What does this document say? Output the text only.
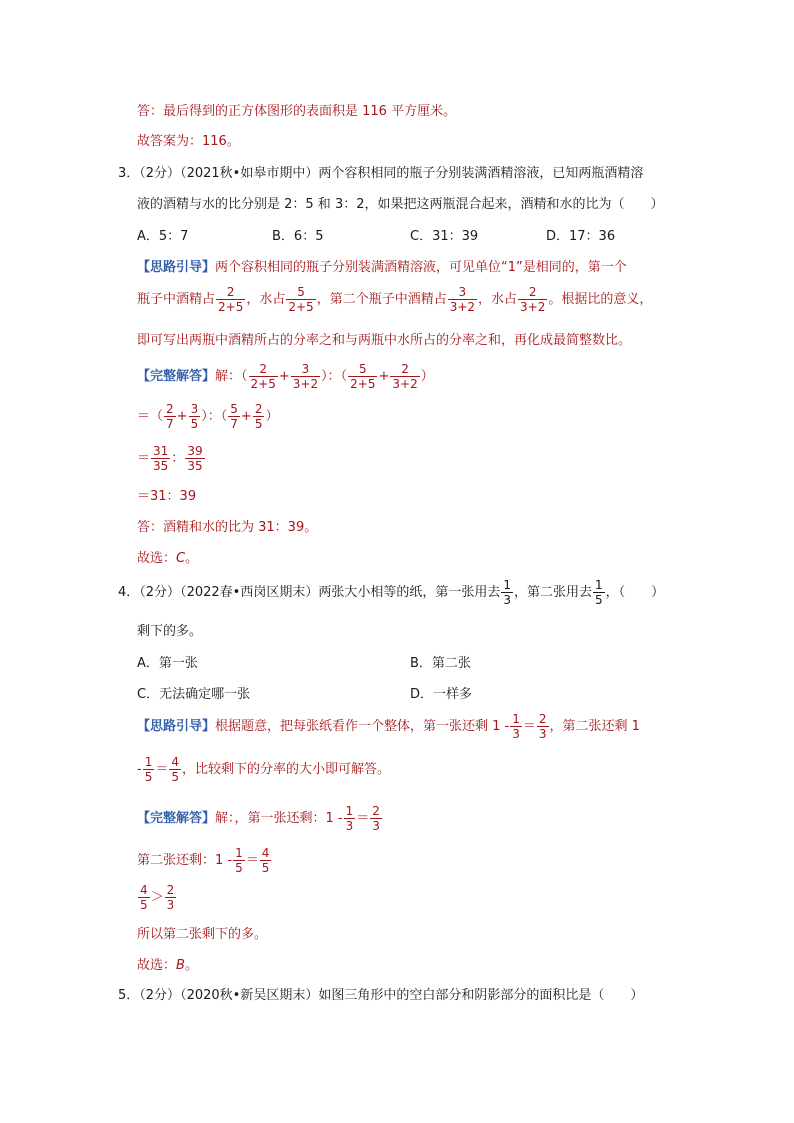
答：最后得到的正方体图形的表面积是 116 平方厘米。
故答案为：116。
3．（2分）（2021秋•如皋市期中）两个容积相同的瓶子分别装满酒精溶液，已知两瓶酒精溶
液的酒精与水的比分别是 2：5 和 3：2，如果把这两瓶混合起来，酒精和水的比为（　　）
A．5：7	B．6：5	C．31：39	D．17：36
【思路引导】两个容积相同的瓶子分别装满酒精溶液，可见单位“1”是相同的，第一个
瓶子中酒精占 $\frac{2}{2+5}$ ，水占 $\frac{5}{2+5}$ ，第二个瓶子中酒精占 $\frac{3}{3+2}$ ，水占 $\frac{2}{3+2}$ 。根据比的意义，
即可写出两瓶中酒精所占的分率之和与两瓶中水所占的分率之和，再化成最简整数比。
【完整解答】解：（ $\frac{2}{2+5} + \frac{3}{3+2}$ ）：（ $\frac{5}{2+5} + \frac{2}{3+2}$ ）
＝（ $\frac{2}{7} + \frac{3}{5}$ ）：（ $\frac{5}{7} + \frac{2}{5}$ ）
＝ $\frac{31}{35}$ ： $\frac{39}{35}$
＝31：39
答：酒精和水的比为 31：39。
故选：C。
4．（2分）（2022春•西岗区期末）两张大小相等的纸，第一张用去 $\frac{1}{3}$ ，第二张用去 $\frac{1}{5}$ ，（　　）
剩下的多。
A．第一张	B．第二张
C．无法确定哪一张	D．一样多
【思路引导】根据题意，把每张纸看作一个整体，第一张还剩 $1 - \frac{1}{3} = \frac{2}{3}$ ，第二张还剩 1
- $\frac{1}{5} = \frac{4}{5}$ ，比较剩下的分率的大小即可解答。
【完整解答】解：，第一张还剩：$1 - \frac{1}{3} = \frac{2}{3}$
第二张还剩：$1 - \frac{1}{5} = \frac{4}{5}$
$\frac{4}{5} > \frac{2}{3}$
所以第二张剩下的多。
故选：B。
5．（2分）（2020秋•新吴区期末）如图三角形中的空白部分和阴影部分的面积比是（　　）
